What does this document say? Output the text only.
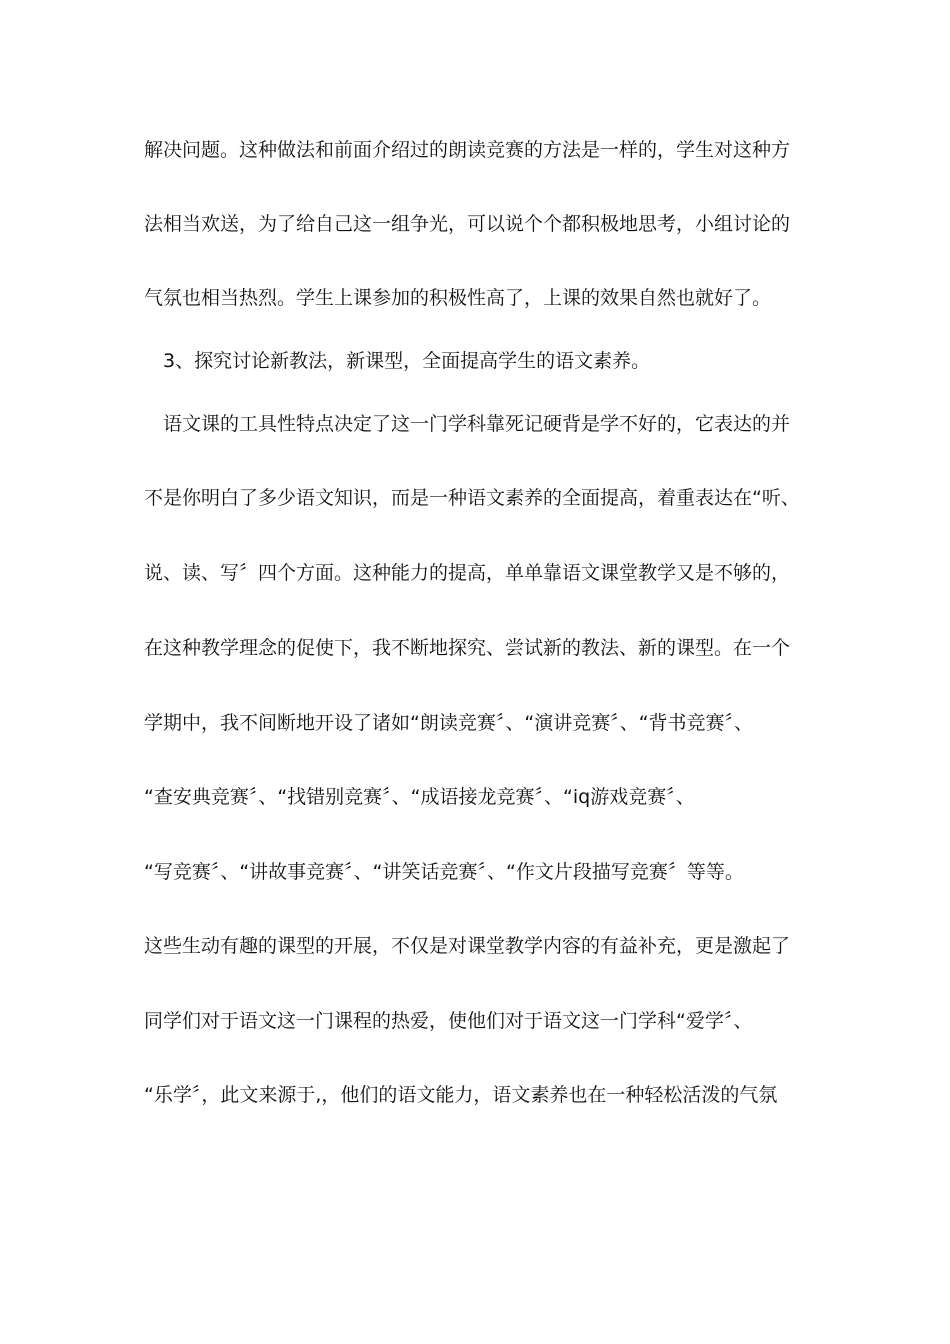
解决问题。这种做法和前面介绍过的朗读竞赛的方法是一样的，学生对这种方
法相当欢送，为了给自己这一组争光，可以说个个都积极地思考，小组讨论的
气氛也相当热烈。学生上课参加的积极性高了，上课的效果自然也就好了。
3、探究讨论新教法，新课型，全面提高学生的语文素养。
语文课的工具性特点决定了这一门学科靠死记硬背是学不好的，它表达的并
不是你明白了多少语文知识，而是一种语文素养的全面提高，着重表达在“听、
说、读、写〞四个方面。这种能力的提高，单单靠语文课堂教学又是不够的，
在这种教学理念的促使下，我不断地探究、尝试新的教法、新的课型。在一个
学期中，我不间断地开设了诸如“朗读竞赛〞、“演讲竞赛〞、“背书竞赛〞、
“查安典竞赛〞、“找错别竞赛〞、“成语接龙竞赛〞、“iq游戏竞赛〞、
“写竞赛〞、“讲故事竞赛〞、“讲笑话竞赛〞、“作文片段描写竞赛〞等等。
这些生动有趣的课型的开展，不仅是对课堂教学内容的有益补充，更是激起了
同学们对于语文这一门课程的热爱，使他们对于语文这一门学科“爱学〞、
“乐学〞，此文来源于,，他们的语文能力，语文素养也在一种轻松活泼的气氛
